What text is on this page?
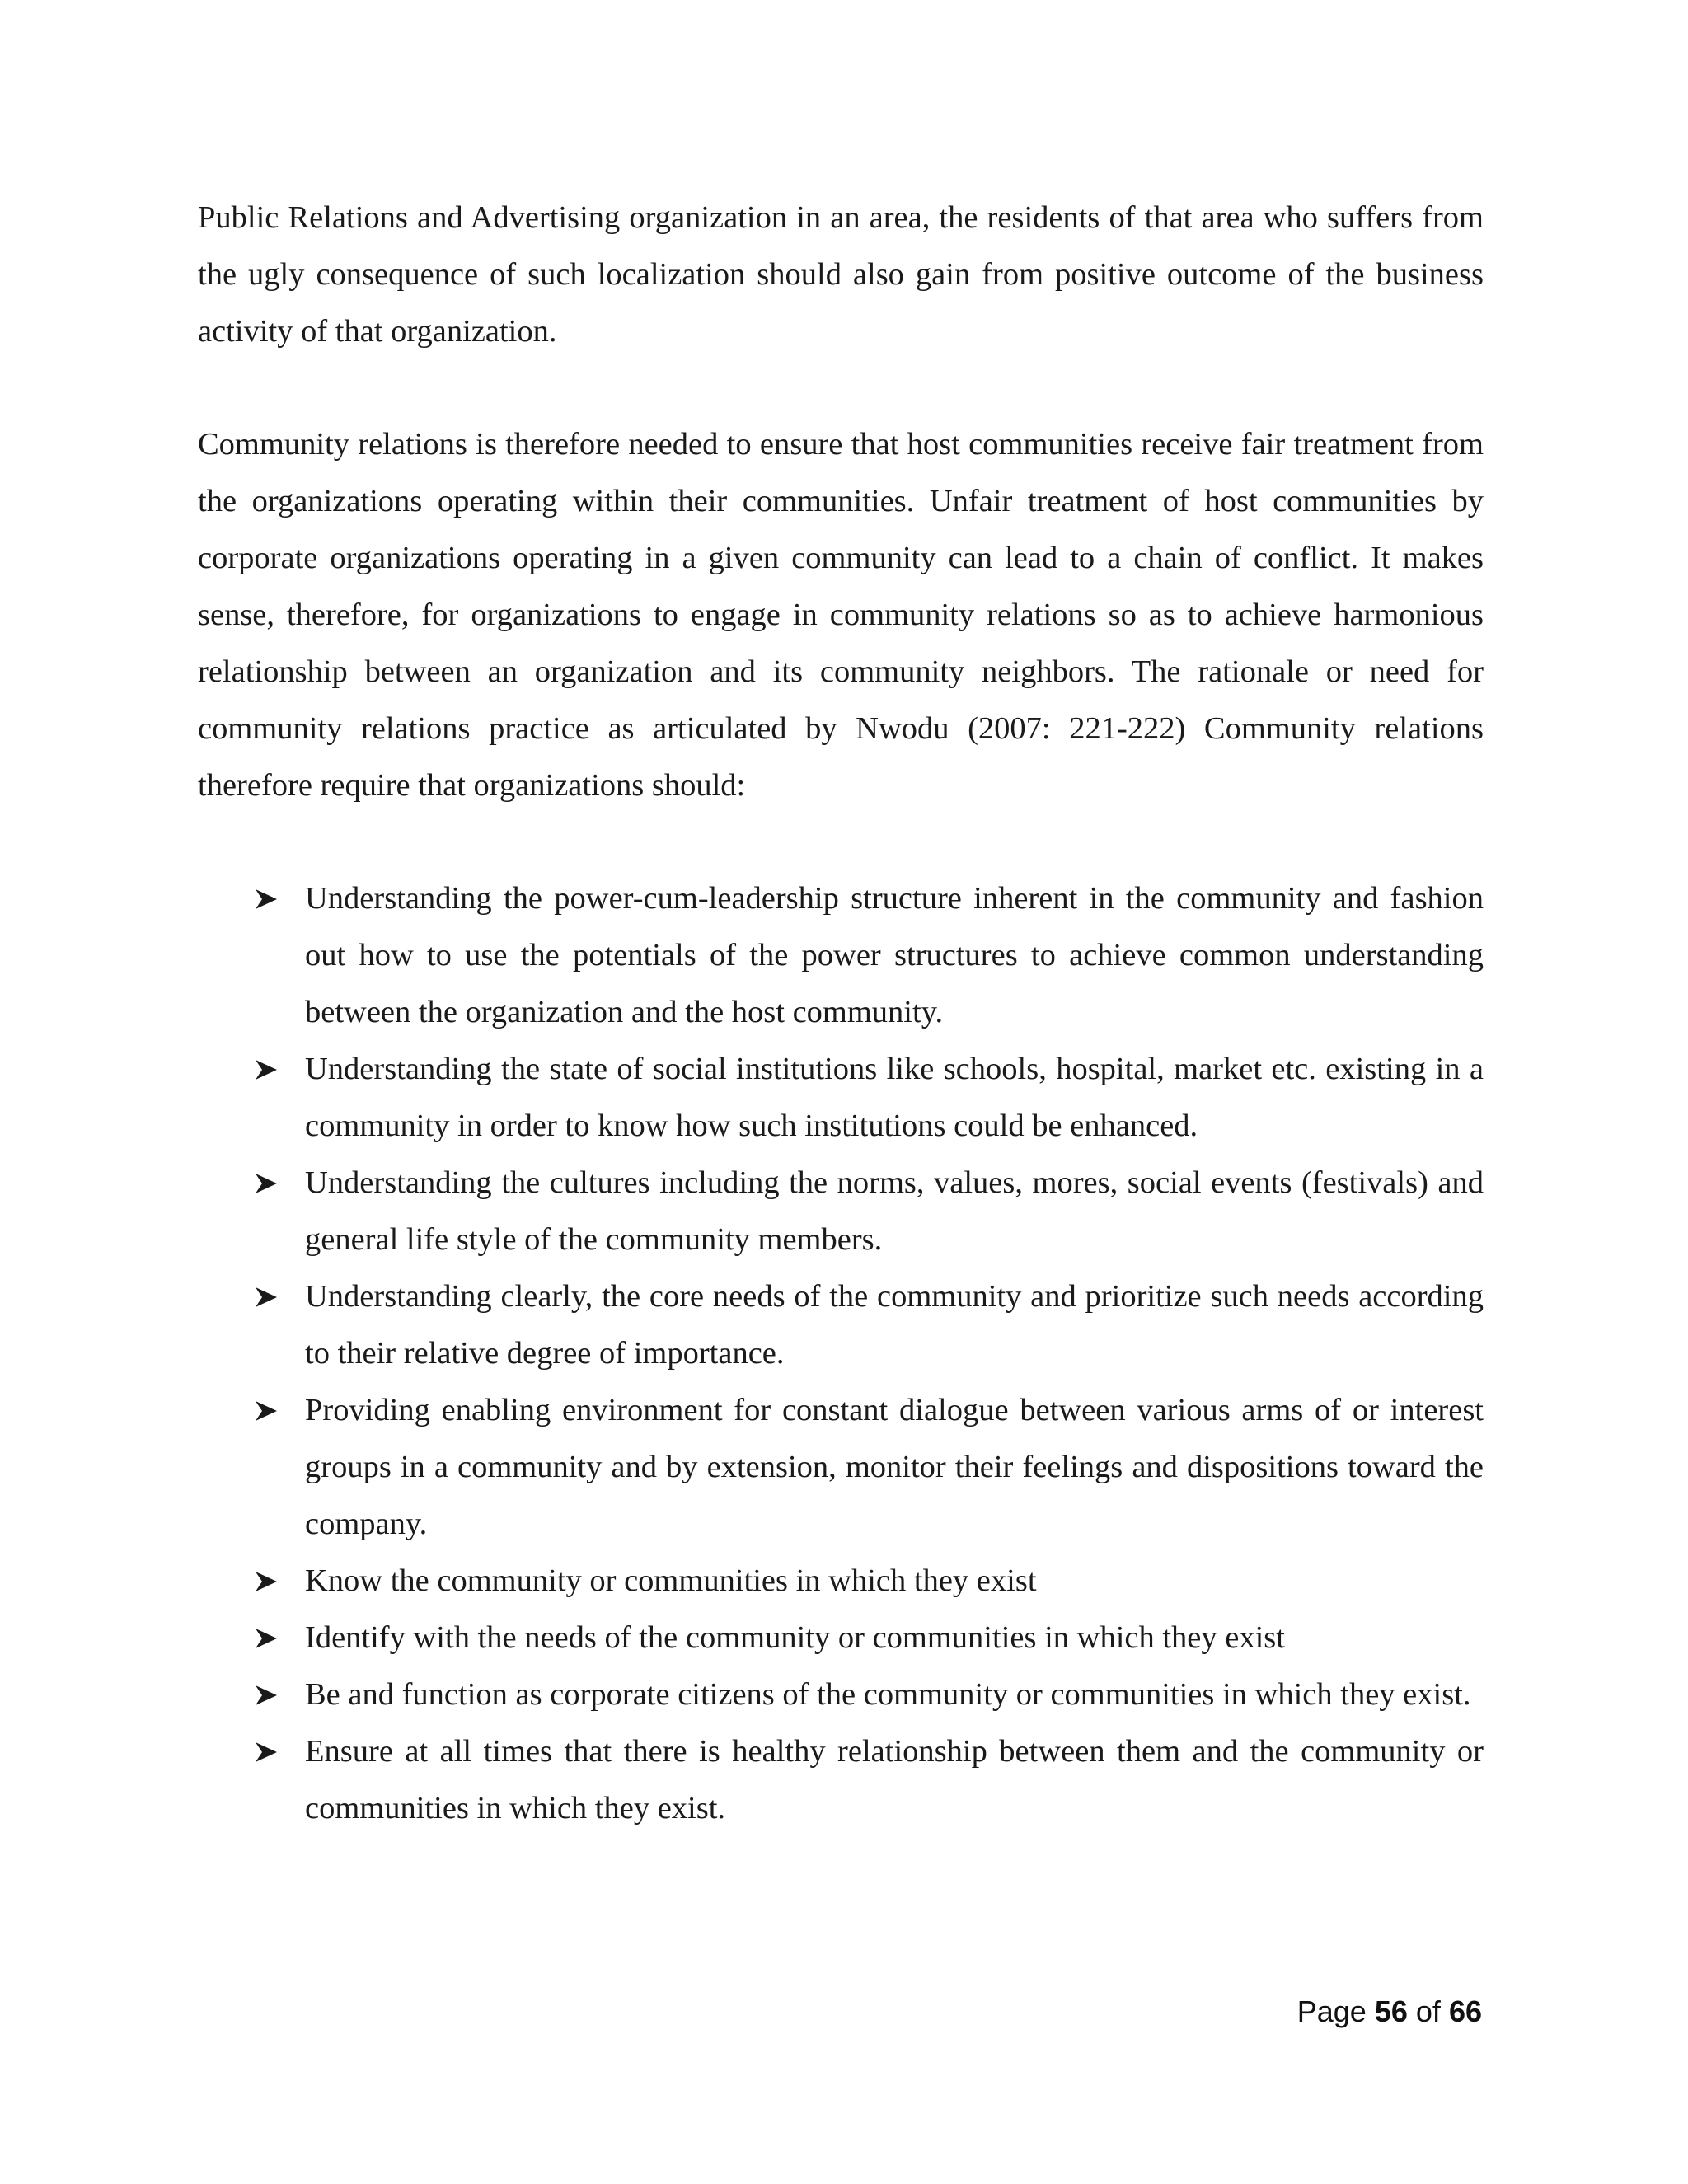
Public Relations and Advertising organization in an area, the residents of that area who suffers from the ugly consequence of such localization should also gain from positive outcome of the business activity of that organization.

Community relations is therefore needed to ensure that host communities receive fair treatment from the organizations operating within their communities. Unfair treatment of host communities by corporate organizations operating in a given community can lead to a chain of conflict. It makes sense, therefore, for organizations to engage in community relations so as to achieve harmonious relationship between an organization and its community neighbors. The rationale or need for community relations practice as articulated by Nwodu (2007: 221-222) Community relations therefore require that organizations should:

Understanding the power-cum-leadership structure inherent in the community and fashion out how to use the potentials of the power structures to achieve common understanding between the organization and the host community.
Understanding the state of social institutions like schools, hospital, market etc. existing in a community in order to know how such institutions could be enhanced.
Understanding the cultures including the norms, values, mores, social events (festivals) and general life style of the community members.
Understanding clearly, the core needs of the community and prioritize such needs according to their relative degree of importance.
Providing enabling environment for constant dialogue between various arms of or interest groups in a community and by extension, monitor their feelings and dispositions toward the company.
Know the community or communities in which they exist
Identify with the needs of the community or communities in which they exist
Be and function as corporate citizens of the community or communities in which they exist.
Ensure at all times that there is healthy relationship between them and the community or communities in which they exist.
Page 56 of 66
